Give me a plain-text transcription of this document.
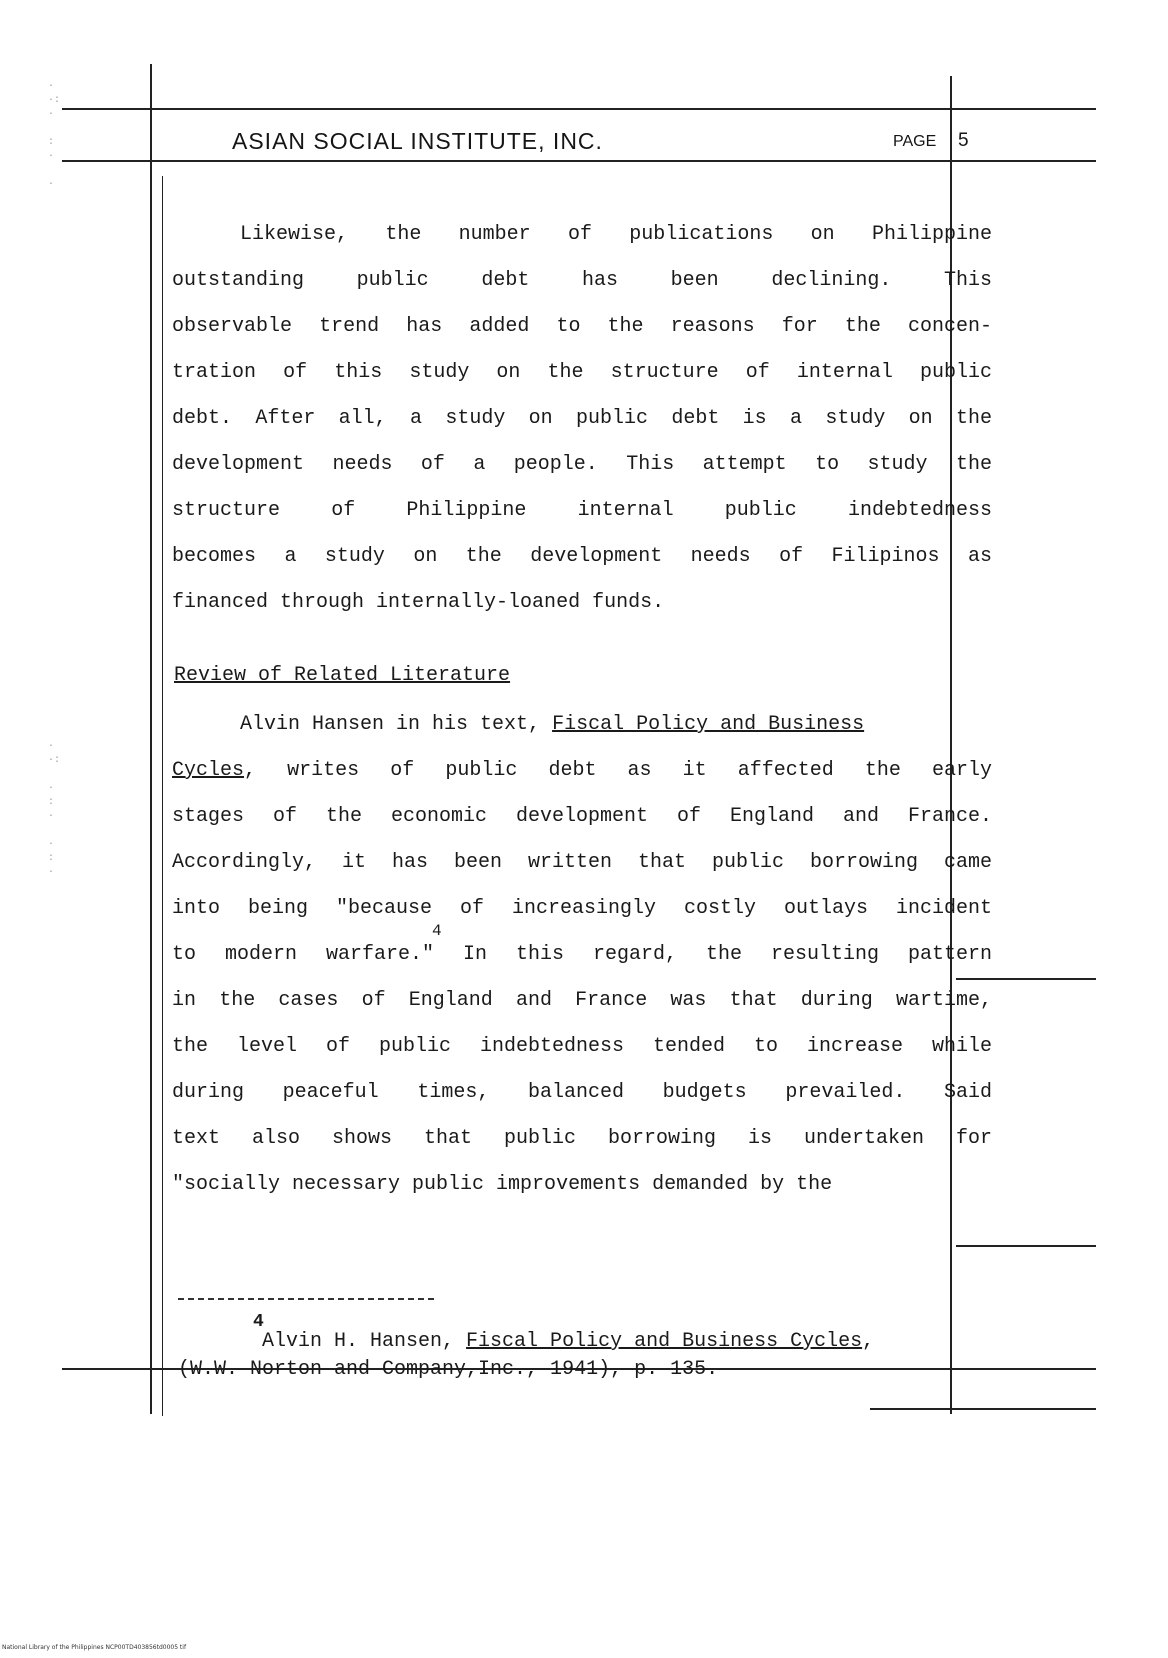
·
·:
·

:
·

·
·
·:

·
:
·

·
:
·
ASIAN SOCIAL INSTITUTE, INC.	PAGE 5
Likewise, the number of publications on Philippine
outstanding public debt has been declining. This
observable trend has added to the reasons for the concen-
tration of this study on the structure of internal public
debt. After all, a study on public debt is a study on the
development needs of a people. This attempt to study the
structure of Philippine internal public indebtedness
becomes a study on the development needs of Filipinos as
financed through internally-loaned funds.
Review of Related Literature
Alvin Hansen in his text, Fiscal Policy and Business
Cycles, writes of public debt as it affected the early
stages of the economic development of England and France.
Accordingly, it has been written that public borrowing came
into being "because of increasingly costly outlays incident
to modern warfare."4 In this regard, the resulting pattern
in the cases of England and France was that during wartime,
the level of public indebtedness tended to increase while
during peaceful times, balanced budgets prevailed. Said
text also shows that public borrowing is undertaken for
"socially necessary public improvements demanded by the
4
Alvin H. Hansen, Fiscal Policy and Business Cycles,
(W.W. Norton and Company,Inc., 1941), p. 135.
National Library of the Philippines NCP00TD403856td0005 tif
